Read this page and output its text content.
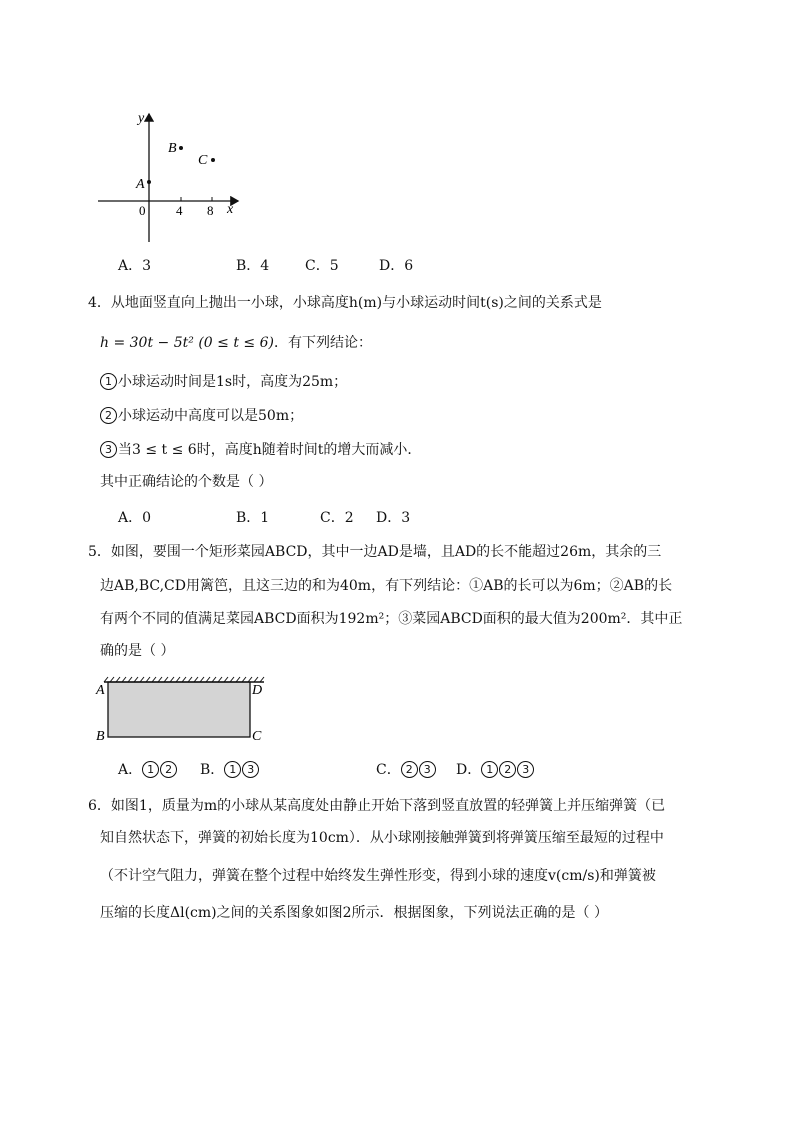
y
x
0 4 8
A
B
C
A．3	B．4	C．5	D．6
4．从地面竖直向上抛出一小球，小球高度h(m)与小球运动时间t(s)之间的关系式是
h = 30t − 5t² (0 ≤ t ≤ 6)．有下列结论：
1 小球运动时间是1s时，高度为25m；
2 小球运动中高度可以是50m；
3 当3 ≤ t ≤ 6时，高度h随着时间t的增大而减小．
其中正确结论的个数是（ ）
A．0	B．1	C．2 D．3
5．如图，要围一个矩形菜园ABCD，其中一边AD是墙，且AD的长不能超过26m，其余的三
边AB,BC,CD用篱笆，且这三边的和为40m，有下列结论：①AB的长可以为6m；②AB的长
有两个不同的值满足菜园ABCD面积为192m²；③菜园ABCD面积的最大值为200m²．其中正
确的是（ ）
A	D
B	C
A． 1 2	B． 1 3	C． 2 3	D． 1 2 3
6．如图1，质量为m的小球从某高度处由静止开始下落到竖直放置的轻弹簧上并压缩弹簧（已
知自然状态下，弹簧的初始长度为10cm）．从小球刚接触弹簧到将弹簧压缩至最短的过程中
（不计空气阻力，弹簧在整个过程中始终发生弹性形变，得到小球的速度v(cm/s)和弹簧被
压缩的长度Δl(cm)之间的关系图象如图2所示．根据图象，下列说法正确的是（ ）
